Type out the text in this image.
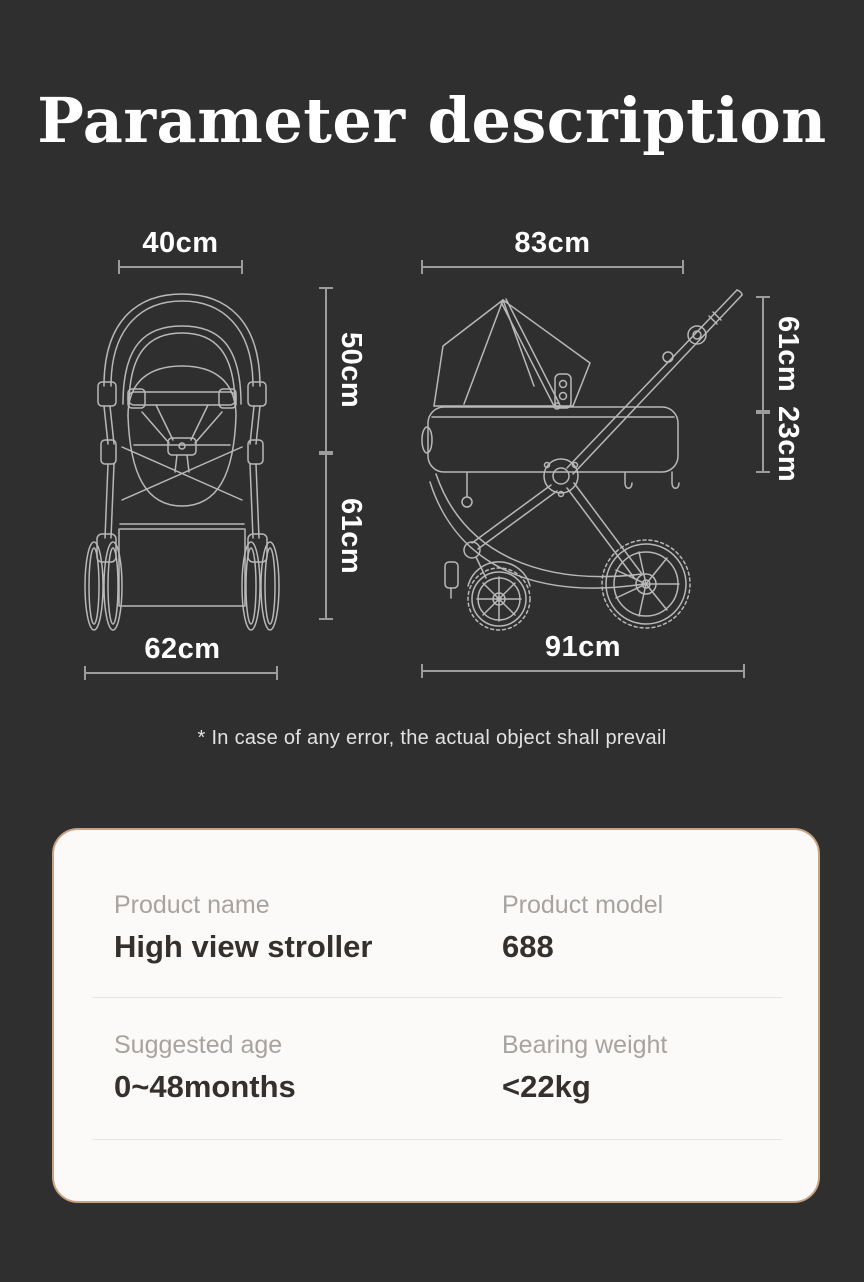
Parameter description
40cm
50cm
61cm
62cm
83cm
61cm
23cm
91cm

* In case of any error, the actual object shall prevail

Product name
High view stroller
Product model
688
Suggested age
0~48months
Bearing weight
<22kg
